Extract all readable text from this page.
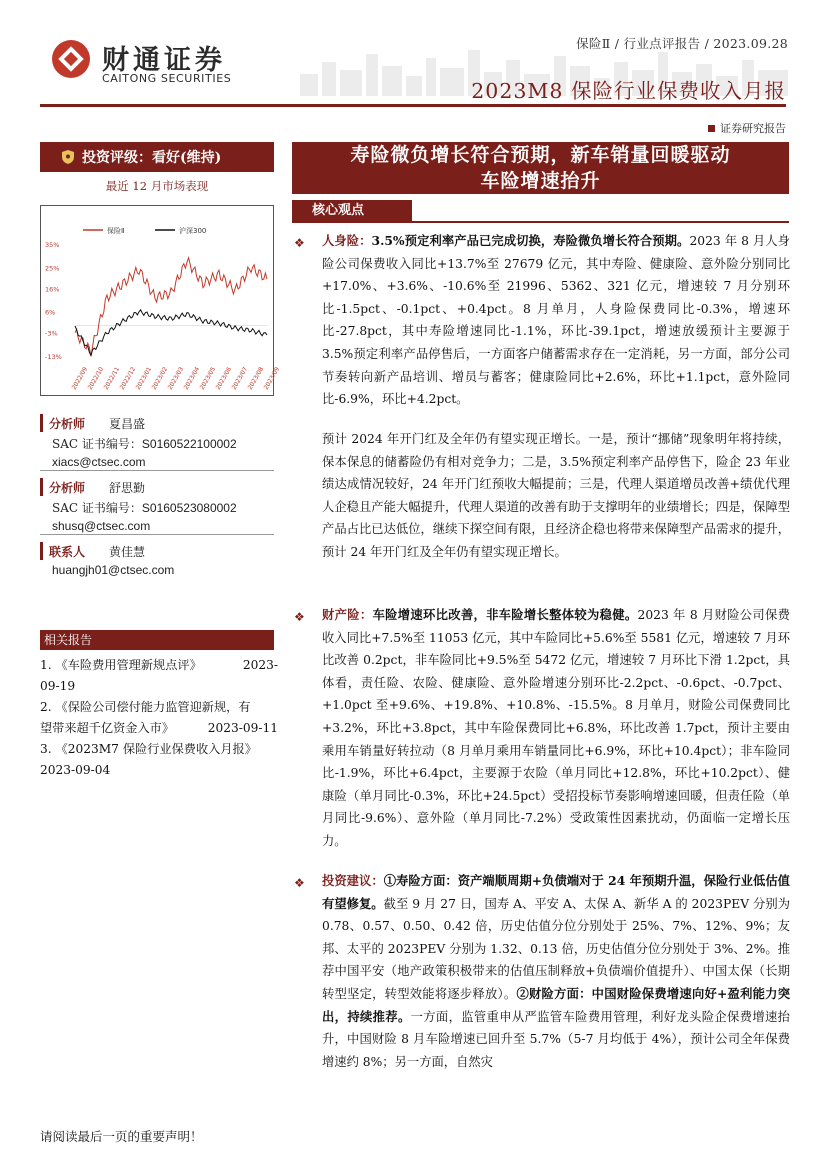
保险Ⅱ / 行业点评报告 / 2023.09.28
财通证券
CAITONG SECURITIES
2023M8 保险行业保费收入月报
证券研究报告
投资评级：看好(维持)
最近 12 月市场表现
保险Ⅱ	沪深300
35%
25%
16%
6%
-3%
-13%
2022/09
2022/10
2022/11
2022/12
2023/01
2023/02
2023/03
2023/04
2023/05
2023/06
2023/07
2023/08
2023/09
分析师	夏昌盛
SAC 证书编号：S0160522100002
xiacs@ctsec.com
分析师	舒思勤
SAC 证书编号：S0160523080002
shusq@ctsec.com
联系人	黄佳慧
huangjh01@ctsec.com
相关报告
1. 《车险费用管理新规点评》	2023-
09-19
2. 《保险公司偿付能力监管迎新规，有
望带来超千亿资金入市》	2023-09-11
3. 《2023M7 保险行业保费收入月报》
2023-09-04
寿险微负增长符合预期，新车销量回暖驱动
车险增速抬升
核心观点
❖ 人身险：3.5%预定利率产品已完成切换，寿险微负增长符合预期。2023 年 8 月人身险公司保费收入同比+13.7%至 27679 亿元，其中寿险、健康险、意外险分别同比+17.0%、+3.6%、-10.6%至 21996、5362、321 亿元，增速较 7 月分别环比-1.5pct、-0.1pct、+0.4pct。8 月单月，人身险保费同比-0.3%，增速环比-27.8pct，其中寿险增速同比-1.1%，环比-39.1pct，增速放缓预计主要源于 3.5%预定利率产品停售后，一方面客户储蓄需求存在一定消耗，另一方面，部分公司节奏转向新产品培训、增员与蓄客；健康险同比+2.6%，环比+1.1pct，意外险同比-6.9%，环比+4.2pct。
预计 2024 年开门红及全年仍有望实现正增长。一是，预计“挪储”现象明年将持续，保本保息的储蓄险仍有相对竞争力；二是，3.5%预定利率产品停售下，险企 23 年业绩达成情况较好，24 年开门红预收大幅提前；三是，代理人渠道增员改善+绩优代理人企稳且产能大幅提升，代理人渠道的改善有助于支撑明年的业绩增长；四是，保障型产品占比已达低位，继续下探空间有限，且经济企稳也将带来保障型产品需求的提升，预计 24 年开门红及全年仍有望实现正增长。
❖ 财产险：车险增速环比改善，非车险增长整体较为稳健。2023 年 8 月财险公司保费收入同比+7.5%至 11053 亿元，其中车险同比+5.6%至 5581 亿元，增速较 7 月环比改善 0.2pct，非车险同比+9.5%至 5472 亿元，增速较 7 月环比下滑 1.2pct，具体看，责任险、农险、健康险、意外险增速分别环比-2.2pct、-0.6pct、-0.7pct、+1.0pct 至+9.6%、+19.8%、+10.8%、-15.5%。8 月单月，财险公司保费同比+3.2%，环比+3.8pct，其中车险保费同比+6.8%，环比改善 1.7pct，预计主要由乘用车销量好转拉动（8 月单月乘用车销量同比+6.9%，环比+10.4pct）；非车险同比-1.9%，环比+6.4pct，主要源于农险（单月同比+12.8%，环比+10.2pct）、健康险（单月同比-0.3%，环比+24.5pct）受招投标节奏影响增速回暖，但责任险（单月同比-9.6%）、意外险（单月同比-7.2%）受政策性因素扰动，仍面临一定增长压力。
❖ 投资建议：①寿险方面：资产端顺周期+负债端对于 24 年预期升温，保险行业低估值有望修复。截至 9 月 27 日，国寿 A、平安 A、太保 A、新华 A 的 2023PEV 分别为 0.78、0.57、0.50、0.42 倍，历史估值分位分别处于 25%、7%、12%、9%；友邦、太平的 2023PEV 分别为 1.32、0.13 倍，历史估值分位分别处于 3%、2%。推荐中国平安（地产政策积极带来的估值压制释放+负债端价值提升）、中国太保（长期转型坚定，转型效能将逐步释放）。②财险方面：中国财险保费增速向好+盈利能力突出，持续推荐。一方面，监管重申从严监管车险费用管理，利好龙头险企保费增速抬升，中国财险 8 月车险增速已回升至 5.7%（5-7 月均低于 4%），预计公司全年保费增速约 8%；另一方面，自然灾
请阅读最后一页的重要声明！
